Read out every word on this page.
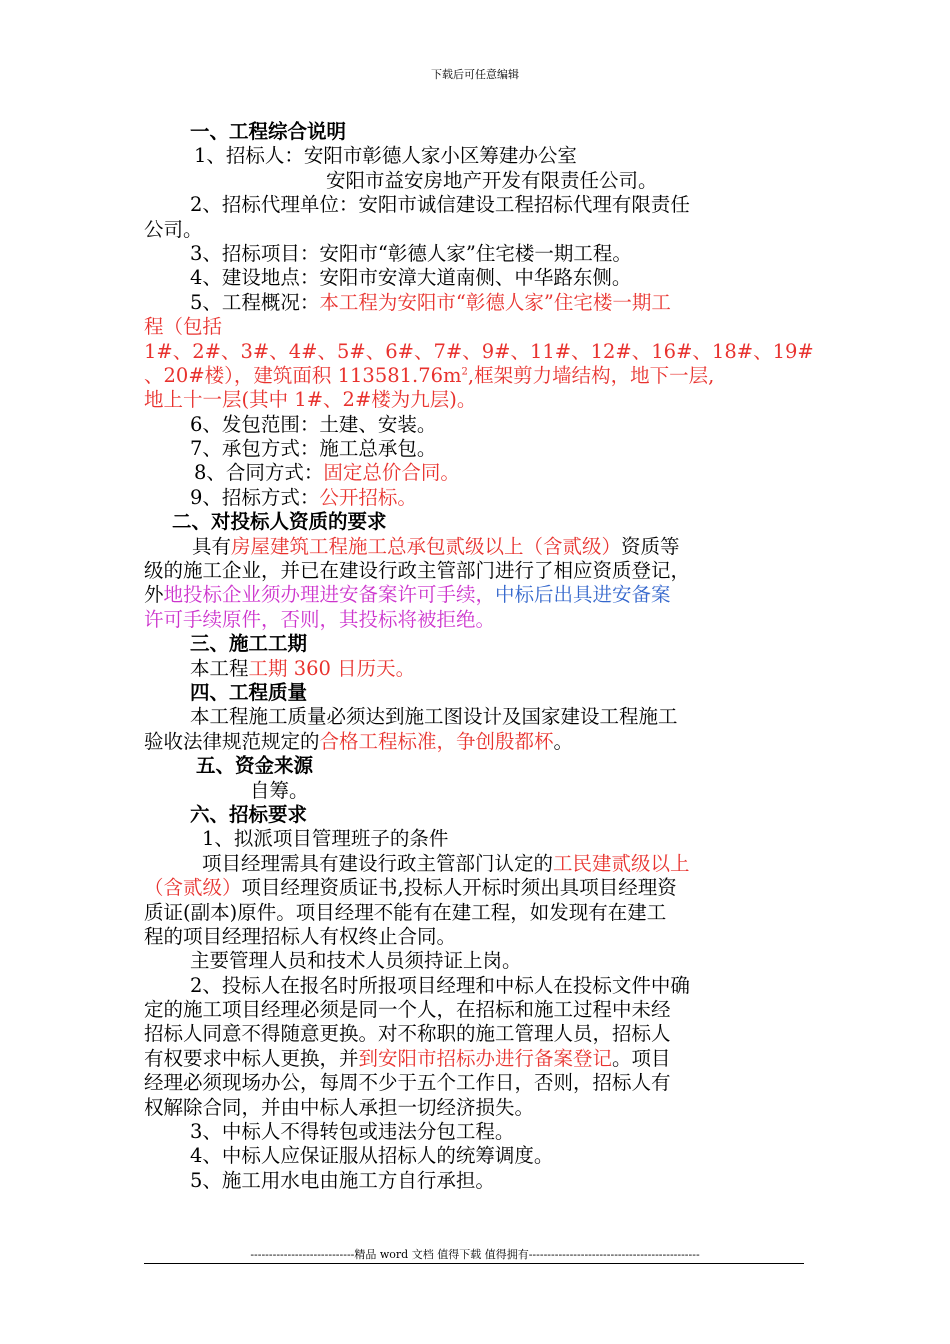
下载后可任意编辑
一、工程综合说明
1、招标人：安阳市彰德人家小区筹建办公室
安阳市益安房地产开发有限责任公司。
2、招标代理单位：安阳市诚信建设工程招标代理有限责任
公司。
3、招标项目：安阳市“彰德人家”住宅楼一期工程。
4、建设地点：安阳市安漳大道南侧、中华路东侧。
5、工程概况：本工程为安阳市“彰德人家”住宅楼一期工
程（包括
1#、2#、3#、4#、5#、6#、7#、9#、11#、12#、16#、18#、19#
、20#楼），建筑面积 $113581.76m^2$,框架剪力墙结构，地下一层,
地上十一层(其中 1#、2#楼为九层)。
6、发包范围：土建、安装。
7、承包方式：施工总承包。
8、合同方式：固定总价合同。
9、招标方式：公开招标。
二、对投标人资质的要求
具有房屋建筑工程施工总承包贰级以上（含贰级）资质等
级的施工企业，并已在建设行政主管部门进行了相应资质登记，
外地投标企业须办理进安备案许可手续，中标后出具进安备案
许可手续原件，否则，其投标将被拒绝。
三、施工工期
本工程工期 360 日历天。
四、工程质量
本工程施工质量必须达到施工图设计及国家建设工程施工
验收法律规范规定的合格工程标准，争创殷都杯。
五、资金来源
自筹。
六、招标要求
1、拟派项目管理班子的条件
项目经理需具有建设行政主管部门认定的工民建贰级以上
（含贰级）项目经理资质证书,投标人开标时须出具项目经理资
质证(副本)原件。项目经理不能有在建工程，如发现有在建工
程的项目经理招标人有权终止合同。
主要管理人员和技术人员须持证上岗。
2、投标人在报名时所报项目经理和中标人在投标文件中确
定的施工项目经理必须是同一个人，在招标和施工过程中未经
招标人同意不得随意更换。对不称职的施工管理人员，招标人
有权要求中标人更换，并到安阳市招标办进行备案登记。项目
经理必须现场办公，每周不少于五个工作日，否则，招标人有
权解除合同，并由中标人承担一切经济损失。
3、中标人不得转包或违法分包工程。
4、中标人应保证服从招标人的统筹调度。
5、施工用水电由施工方自行承担。
----------------------------精品 word 文档 值得下载 值得拥有----------------------------------------------
